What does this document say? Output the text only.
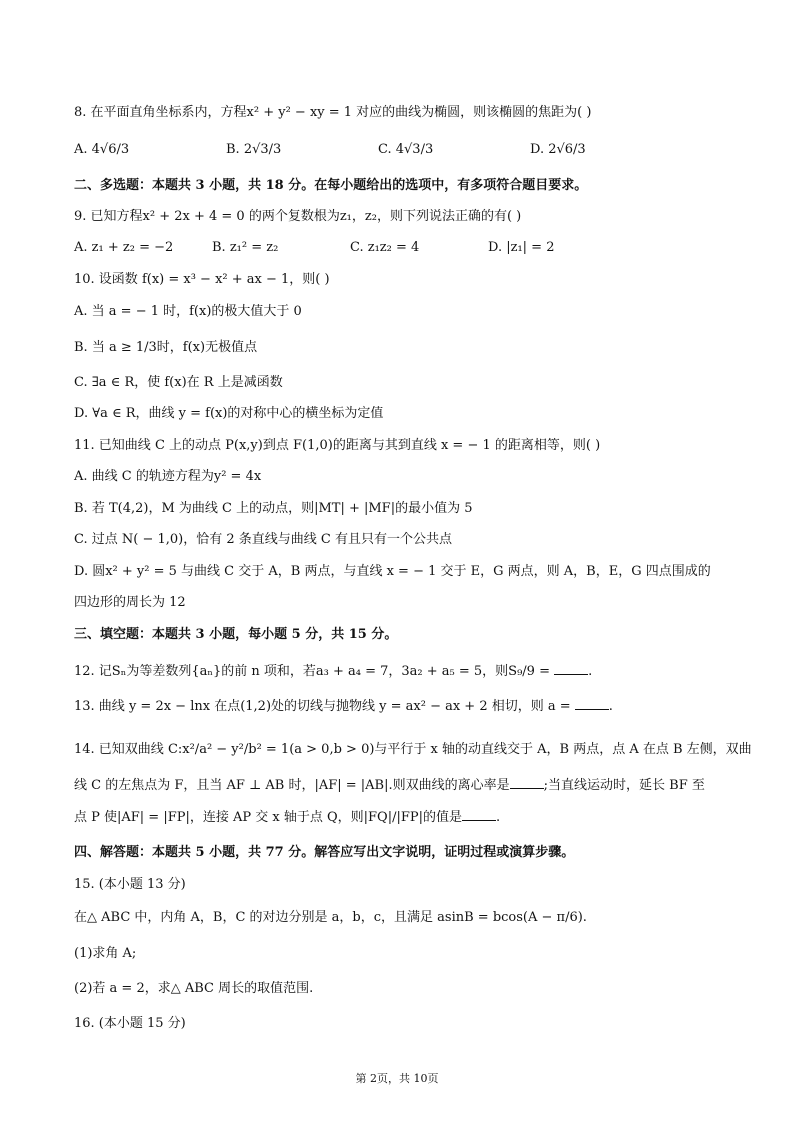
8. 在平面直角坐标系内，方程x² + y² − xy = 1 对应的曲线为椭圆，则该椭圆的焦距为( )
A. 4√6/3	B. 2√3/3	C. 4√3/3	D. 2√6/3
二、多选题：本题共 3 小题，共 18 分。在每小题给出的选项中，有多项符合题目要求。
9. 已知方程x² + 2x + 4 = 0 的两个复数根为z₁，z₂，则下列说法正确的有( )
A. z₁ + z₂ = −2	B. z₁² = z₂	C. z₁z₂ = 4	D. |z₁| = 2
10. 设函数 f(x) = x³ − x² + ax − 1，则( )
A. 当 a = − 1 时，f(x)的极大值大于 0
B. 当 a ≥ 1/3时，f(x)无极值点
C. ∃a ∈ R，使 f(x)在 R 上是减函数
D. ∀a ∈ R，曲线 y = f(x)的对称中心的横坐标为定值
11. 已知曲线 C 上的动点 P(x,y)到点 F(1,0)的距离与其到直线 x = − 1 的距离相等，则( )
A. 曲线 C 的轨迹方程为y² = 4x
B. 若 T(4,2)，M 为曲线 C 上的动点，则|MT| + |MF|的最小值为 5
C. 过点 N( − 1,0)，恰有 2 条直线与曲线 C 有且只有一个公共点
D. 圆x² + y² = 5 与曲线 C 交于 A，B 两点，与直线 x = − 1 交于 E，G 两点，则 A，B，E，G 四点围成的
四边形的周长为 12
三、填空题：本题共 3 小题，每小题 5 分，共 15 分。
12. 记Sₙ为等差数列{aₙ}的前 n 项和，若a₃ + a₄ = 7，3a₂ + a₅ = 5，则S₉/9 =	.
13. 曲线 y = 2x − lnx 在点(1,2)处的切线与抛物线 y = ax² − ax + 2 相切，则 a =	.
14. 已知双曲线 C:x²/a² − y²/b² = 1(a > 0,b > 0)与平行于 x 轴的动直线交于 A，B 两点，点 A 在点 B 左侧，双曲
线 C 的左焦点为 F，且当 AF ⊥ AB 时，|AF| = |AB|.则双曲线的离心率是	;当直线运动时，延长 BF 至
点 P 使|AF| = |FP|，连接 AP 交 x 轴于点 Q，则|FQ|/|FP|的值是	.
四、解答题：本题共 5 小题，共 77 分。解答应写出文字说明，证明过程或演算步骤。
15. (本小题 13 分)
在△ ABC 中，内角 A，B，C 的对边分别是 a，b，c，且满足 asinB = bcos(A − π/6).
(1)求角 A;
(2)若 a = 2，求△ ABC 周长的取值范围.
16. (本小题 15 分)
第 2页，共 10页
